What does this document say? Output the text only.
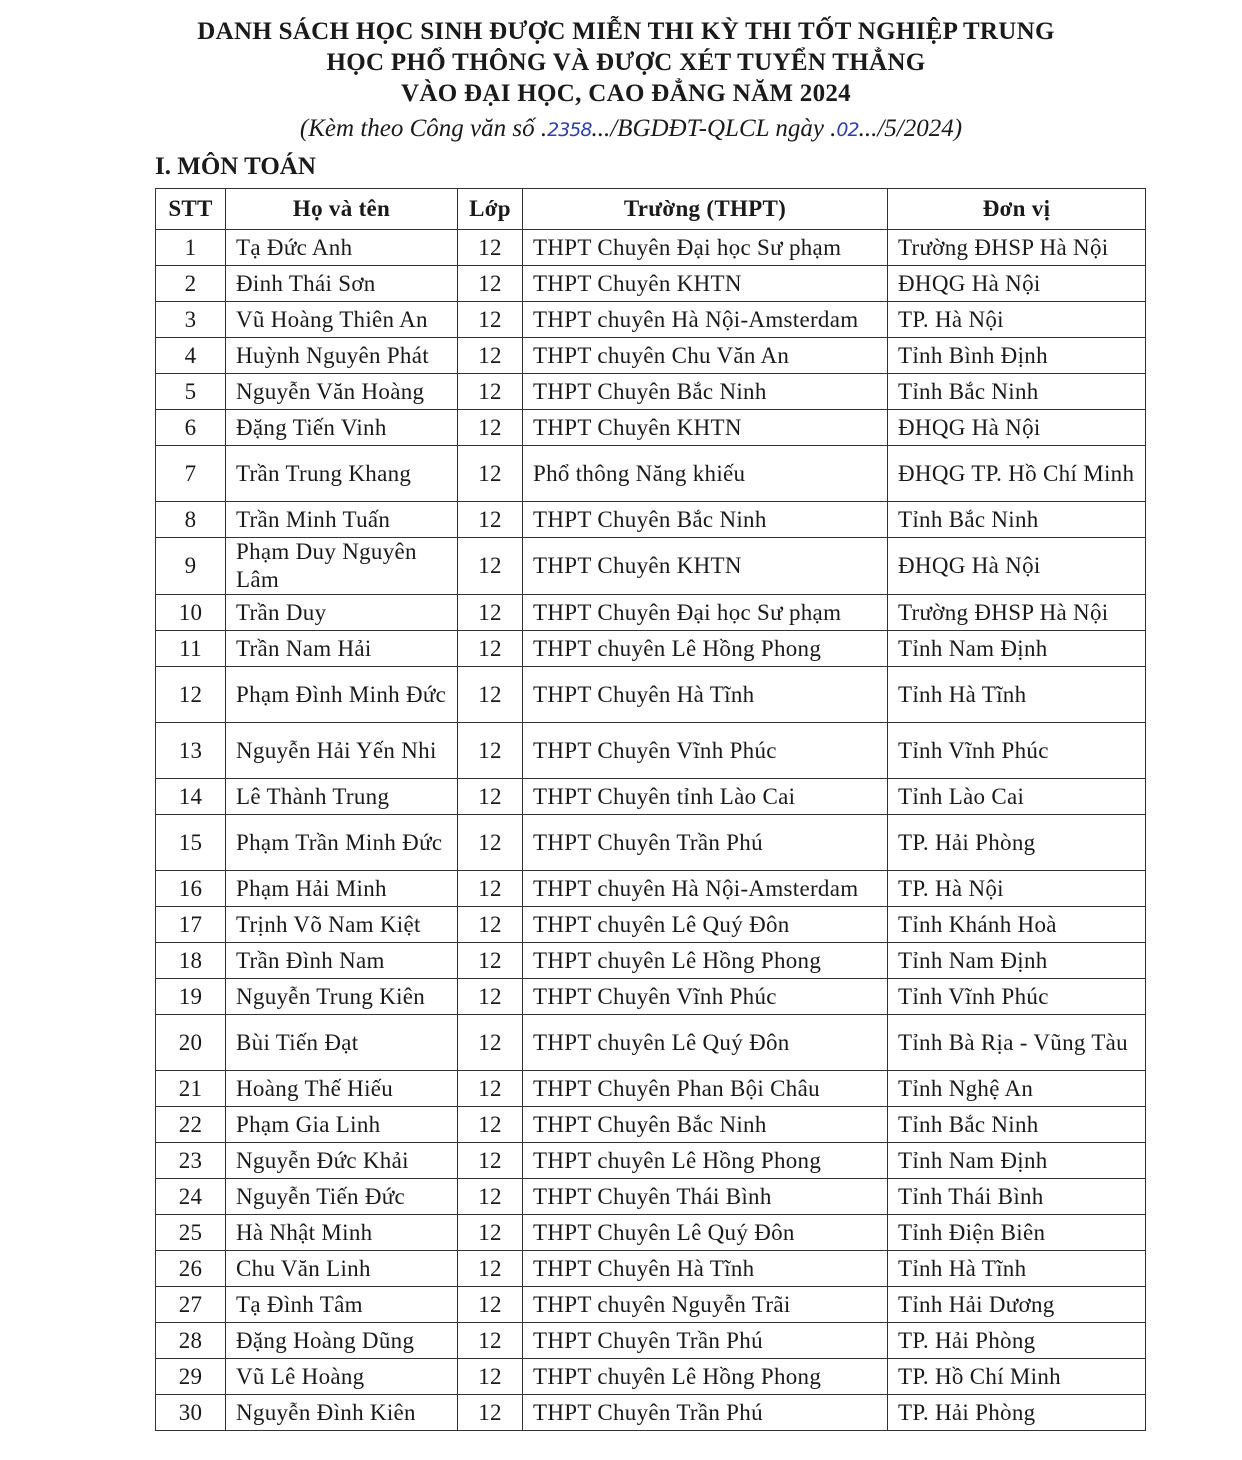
DANH SÁCH HỌC SINH ĐƯỢC MIỄN THI KỲ THI TỐT NGHIỆP TRUNG
HỌC PHỔ THÔNG VÀ ĐƯỢC XÉT TUYỂN THẲNG
VÀO ĐẠI HỌC, CAO ĐẲNG NĂM 2024
(Kèm theo Công văn số .2358.../BGDĐT-QLCL ngày .02.../5/2024)
I. MÔN TOÁN
STT	Họ và tên	Lớp	Trường (THPT)	Đơn vị
1	Tạ Đức Anh	12	THPT Chuyên Đại học Sư phạm	Trường ĐHSP Hà Nội
2	Đinh Thái Sơn	12	THPT Chuyên KHTN	ĐHQG Hà Nội
3	Vũ Hoàng Thiên An	12	THPT chuyên Hà Nội-Amsterdam	TP. Hà Nội
4	Huỳnh Nguyên Phát	12	THPT chuyên Chu Văn An	Tỉnh Bình Định
5	Nguyễn Văn Hoàng	12	THPT Chuyên Bắc Ninh	Tỉnh Bắc Ninh
6	Đặng Tiến Vinh	12	THPT Chuyên KHTN	ĐHQG Hà Nội
7	Trần Trung Khang	12	Phổ thông Năng khiếu	ĐHQG TP. Hồ Chí Minh
8	Trần Minh Tuấn	12	THPT Chuyên Bắc Ninh	Tỉnh Bắc Ninh
9	Phạm Duy Nguyên Lâm	12	THPT Chuyên KHTN	ĐHQG Hà Nội
10	Trần Duy	12	THPT Chuyên Đại học Sư phạm	Trường ĐHSP Hà Nội
11	Trần Nam Hải	12	THPT chuyên Lê Hồng Phong	Tỉnh Nam Định
12	Phạm Đình Minh Đức	12	THPT Chuyên Hà Tĩnh	Tỉnh Hà Tĩnh
13	Nguyễn Hải Yến Nhi	12	THPT Chuyên Vĩnh Phúc	Tỉnh Vĩnh Phúc
14	Lê Thành Trung	12	THPT Chuyên tỉnh Lào Cai	Tỉnh Lào Cai
15	Phạm Trần Minh Đức	12	THPT Chuyên Trần Phú	TP. Hải Phòng
16	Phạm Hải Minh	12	THPT chuyên Hà Nội-Amsterdam	TP. Hà Nội
17	Trịnh Võ Nam Kiệt	12	THPT chuyên Lê Quý Đôn	Tỉnh Khánh Hoà
18	Trần Đình Nam	12	THPT chuyên Lê Hồng Phong	Tỉnh Nam Định
19	Nguyễn Trung Kiên	12	THPT Chuyên Vĩnh Phúc	Tỉnh Vĩnh Phúc
20	Bùi Tiến Đạt	12	THPT chuyên Lê Quý Đôn	Tỉnh Bà Rịa - Vũng Tàu
21	Hoàng Thế Hiếu	12	THPT Chuyên Phan Bội Châu	Tỉnh Nghệ An
22	Phạm Gia Linh	12	THPT Chuyên Bắc Ninh	Tỉnh Bắc Ninh
23	Nguyễn Đức Khải	12	THPT chuyên Lê Hồng Phong	Tỉnh Nam Định
24	Nguyễn Tiến Đức	12	THPT Chuyên Thái Bình	Tỉnh Thái Bình
25	Hà Nhật Minh	12	THPT Chuyên Lê Quý Đôn	Tỉnh Điện Biên
26	Chu Văn Linh	12	THPT Chuyên Hà Tĩnh	Tỉnh Hà Tĩnh
27	Tạ Đình Tâm	12	THPT chuyên Nguyễn Trãi	Tỉnh Hải Dương
28	Đặng Hoàng Dũng	12	THPT Chuyên Trần Phú	TP. Hải Phòng
29	Vũ Lê Hoàng	12	THPT chuyên Lê Hồng Phong	TP. Hồ Chí Minh
30	Nguyễn Đình Kiên	12	THPT Chuyên Trần Phú	TP. Hải Phòng
